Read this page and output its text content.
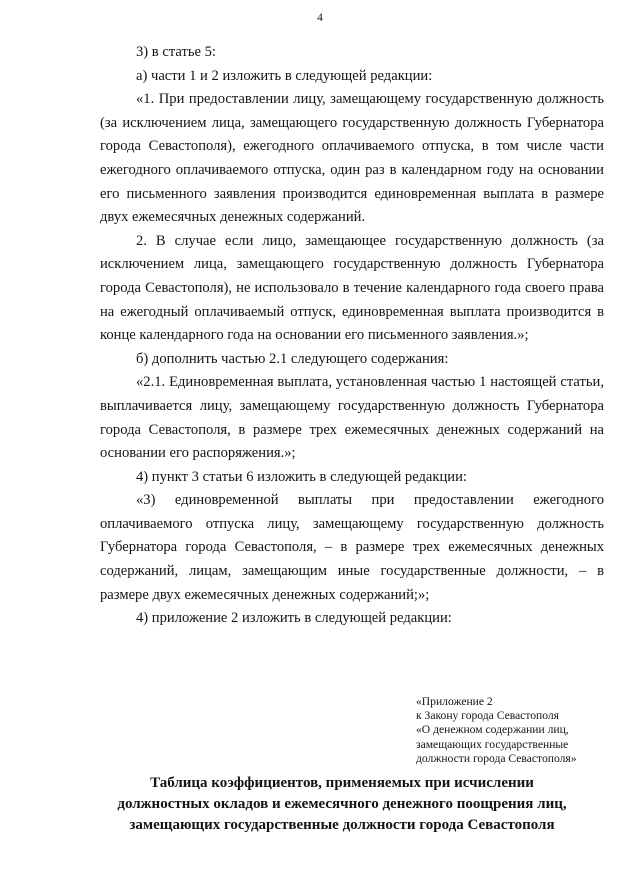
4

3) в статье 5:

а) части 1 и 2 изложить в следующей редакции:

«1. При предоставлении лицу, замещающему государственную должность (за исключением лица, замещающего государственную должность Губернатора города Севастополя), ежегодного оплачиваемого отпуска, в том числе части ежегодного оплачиваемого отпуска, один раз в календарном году на основании его письменного заявления производится единовременная выплата в размере двух ежемесячных денежных содержаний.

2. В случае если лицо, замещающее государственную должность (за исключением лица, замещающего государственную должность Губернатора города Севастополя), не использовало в течение календарного года своего права на ежегодный оплачиваемый отпуск, единовременная выплата производится в конце календарного года на основании его письменного заявления.»;

б) дополнить частью 2.1 следующего содержания:

«2.1. Единовременная выплата, установленная частью 1 настоящей статьи, выплачивается лицу, замещающему государственную должность Губернатора города Севастополя, в размере трех ежемесячных денежных содержаний на основании его распоряжения.»;

4) пункт 3 статьи 6 изложить в следующей редакции:

«3) единовременной выплаты при предоставлении ежегодного оплачиваемого отпуска лицу, замещающему государственную должность Губернатора города Севастополя, – в размере трех ежемесячных денежных содержаний, лицам, замещающим иные государственные должности, – в размере двух ежемесячных денежных содержаний;»;

4) приложение 2 изложить в следующей редакции:

«Приложение 2
к Закону города Севастополя
«О денежном содержании лиц,
замещающих государственные
должности города Севастополя»
Таблица коэффициентов, применяемых при исчислении
должностных окладов и ежемесячного денежного поощрения лиц,
замещающих государственные должности города Севастополя
